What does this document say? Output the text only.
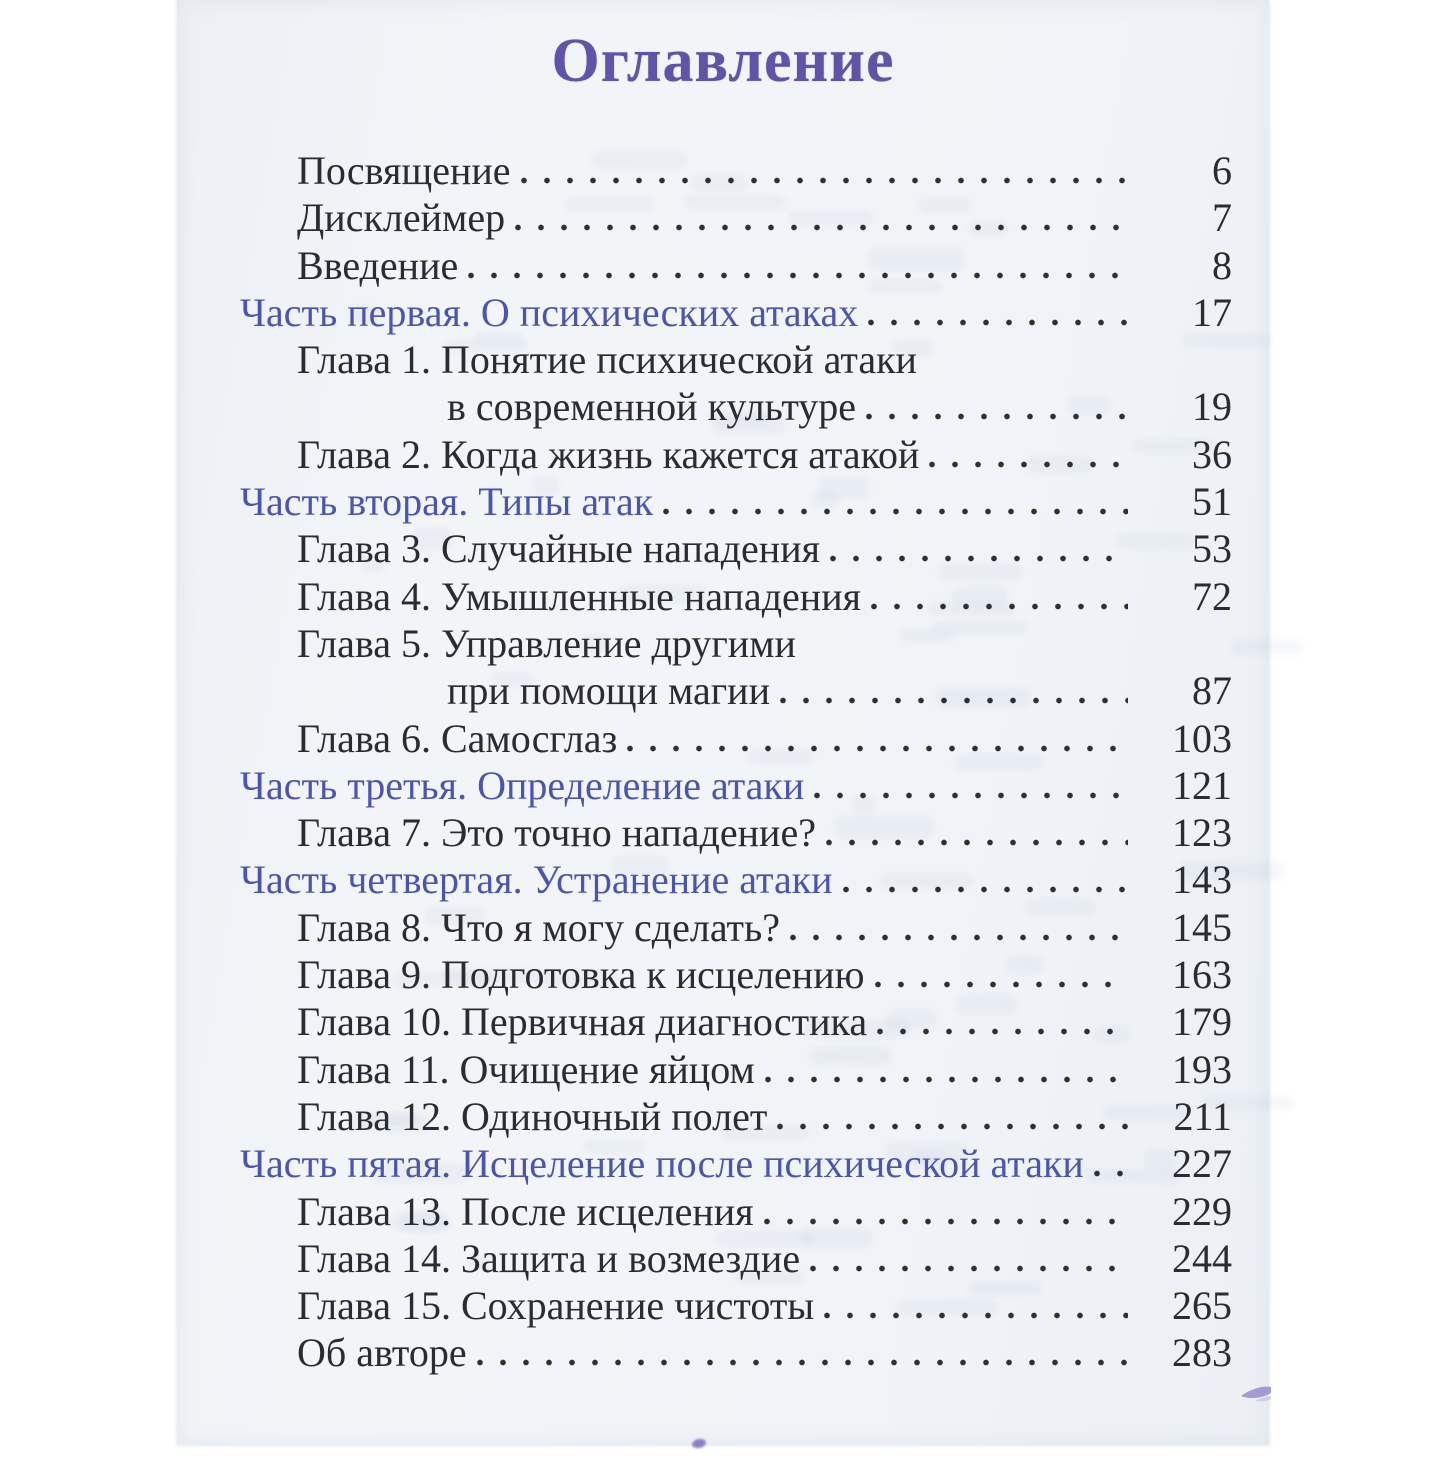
Оглавление
Посвящение	6
Дисклеймер	7
Введение	8
Часть первая. О психических атаках	17
Глава 1. Понятие психической атаки
в современной культуре	19
Глава 2. Когда жизнь кажется атакой	36
Часть вторая. Типы атак	51
Глава 3. Случайные нападения	53
Глава 4. Умышленные нападения	72
Глава 5. Управление другими
при помощи магии	87
Глава 6. Самосглаз	103
Часть третья. Определение атаки	121
Глава 7. Это точно нападение?	123
Часть четвертая. Устранение атаки	143
Глава 8. Что я могу сделать?	145
Глава 9. Подготовка к исцелению	163
Глава 10. Первичная диагностика	179
Глава 11. Очищение яйцом	193
Глава 12. Одиночный полет	211
Часть пятая. Исцеление после психической атаки	227
Глава 13. После исцеления	229
Глава 14. Защита и возмездие	244
Глава 15. Сохранение чистоты	265
Об авторе	283
